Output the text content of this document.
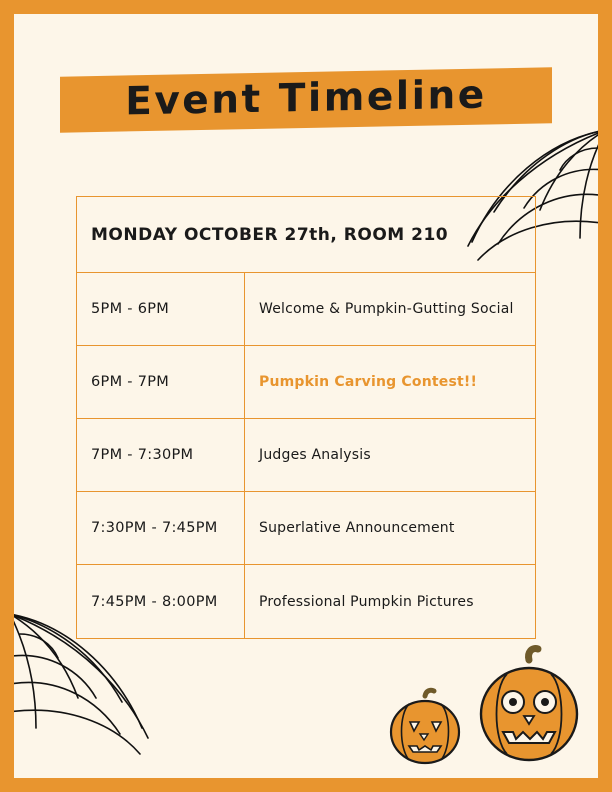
Event Timeline
MONDAY OCTOBER 27th, ROOM 210
5PM - 6PM	Welcome & Pumpkin-Gutting Social
6PM - 7PM	Pumpkin Carving Contest!!
7PM - 7:30PM	Judges Analysis
7:30PM - 7:45PM	Superlative Announcement
7:45PM - 8:00PM	Professional Pumpkin Pictures
